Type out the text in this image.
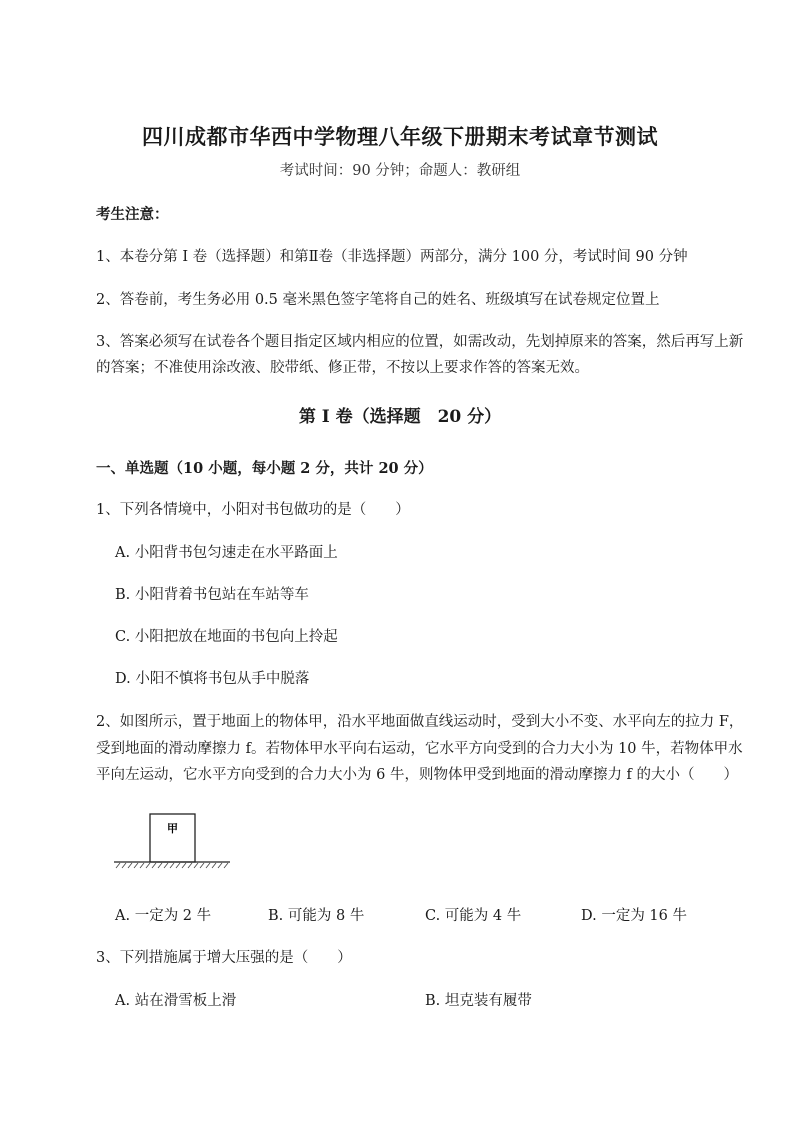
四川成都市华西中学物理八年级下册期末考试章节测试
考试时间：90 分钟；命题人：教研组
考生注意：
1、本卷分第 I 卷（选择题）和第Ⅱ卷（非选择题）两部分，满分 100 分，考试时间 90 分钟
2、答卷前，考生务必用 0.5 毫米黑色签字笔将自己的姓名、班级填写在试卷规定位置上
3、答案必须写在试卷各个题目指定区域内相应的位置，如需改动，先划掉原来的答案，然后再写上新
的答案；不准使用涂改液、胶带纸、修正带，不按以上要求作答的答案无效。
第 I 卷（选择题　20 分）
一、单选题（10 小题，每小题 2 分，共计 20 分）
1、下列各情境中，小阳对书包做功的是（　　）
A. 小阳背书包匀速走在水平路面上
B. 小阳背着书包站在车站等车
C. 小阳把放在地面的书包向上拎起
D. 小阳不慎将书包从手中脱落
2、如图所示，置于地面上的物体甲，沿水平地面做直线运动时，受到大小不变、水平向左的拉力 F，
受到地面的滑动摩擦力 f。若物体甲水平向右运动，它水平方向受到的合力大小为 10 牛，若物体甲水
平向左运动，它水平方向受到的合力大小为 6 牛，则物体甲受到地面的滑动摩擦力 f 的大小（　　）
甲
A. 一定为 2 牛	B. 可能为 8 牛	C. 可能为 4 牛	D. 一定为 16 牛
3、下列措施属于增大压强的是（　　）
A. 站在滑雪板上滑	B. 坦克装有履带
